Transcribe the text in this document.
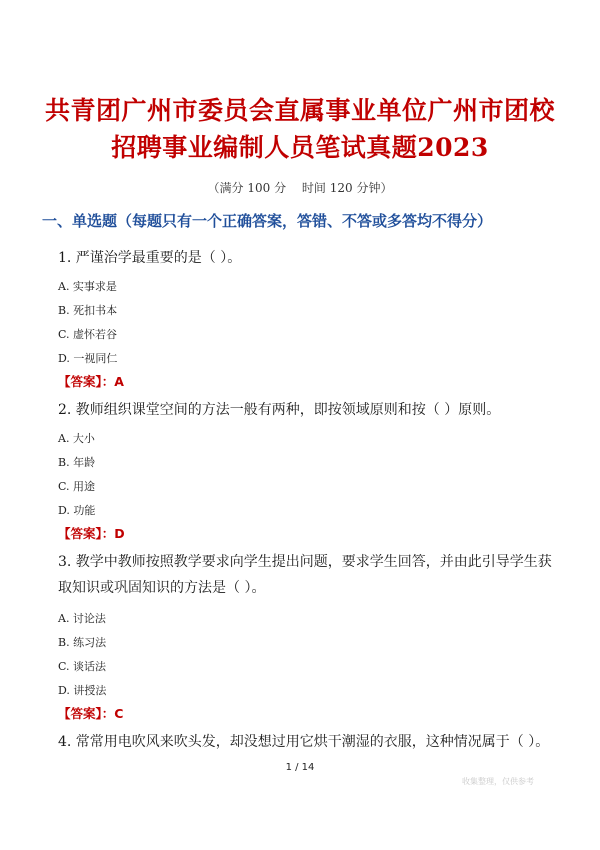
共青团广州市委员会直属事业单位广州市团校招聘事业编制人员笔试真题2023
（满分 100 分 时间 120 分钟）
一、单选题（每题只有一个正确答案，答错、不答或多答均不得分）
1. 严谨治学最重要的是（ ）。
A. 实事求是
B. 死扣书本
C. 虚怀若谷
D. 一视同仁
【答案】：A
2. 教师组织课堂空间的方法一般有两种，即按领域原则和按（ ）原则。
A. 大小
B. 年龄
C. 用途
D. 功能
【答案】：D
3. 教学中教师按照教学要求向学生提出问题，要求学生回答，并由此引导学生获取知识或巩固知识的方法是（ ）。
A. 讨论法
B. 练习法
C. 谈话法
D. 讲授法
【答案】：C
4. 常常用电吹风来吹头发，却没想过用它烘干潮湿的衣服，这种情况属于（ ）。
1 / 14
收集整理，仅供参考
